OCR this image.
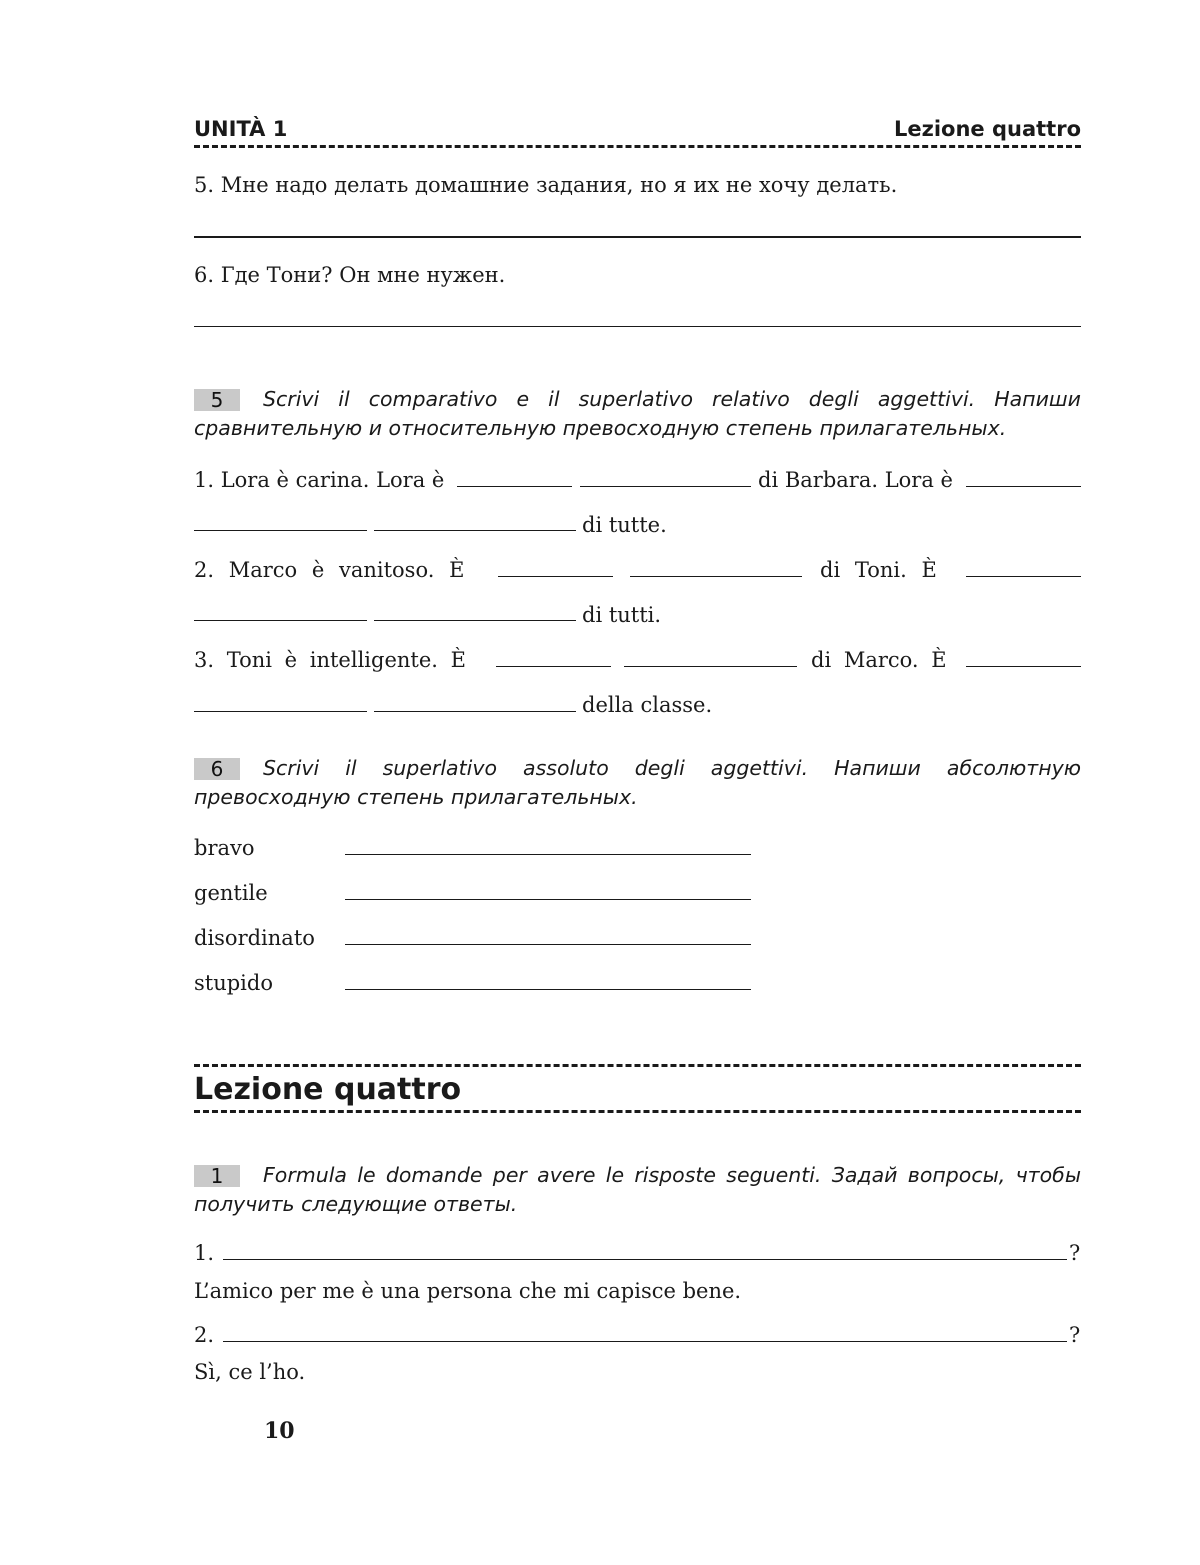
UNITÀ 1	Lezione quattro
5. Мне надо делать домашние задания, но я их не хочу делать.
6. Где Тони? Он мне нужен.
5	Scrivi il comparativo e il superlativo relativo degli aggettivi. Напиши сравнительную и относительную превосходную степень прилагательных.
1. Lora è carina. Lora è	di Barbara. Lora è
di tutte.
2. Marco è vanitoso. È	di Toni. È
di tutti.
3. Toni è intelligente. È	di Marco. È
della classe.
6	Scrivi il superlativo assoluto degli aggettivi. Напиши абсолютную превосходную степень прилагательных.
bravo
gentile
disordinato
stupido
Lezione quattro
1	Formula le domande per avere le risposte seguenti. Задай вопросы, чтобы получить следующие ответы.
1.	?
L’amico per me è una persona che mi capisce bene.
2.	?
Sì, ce l’ho.
10
